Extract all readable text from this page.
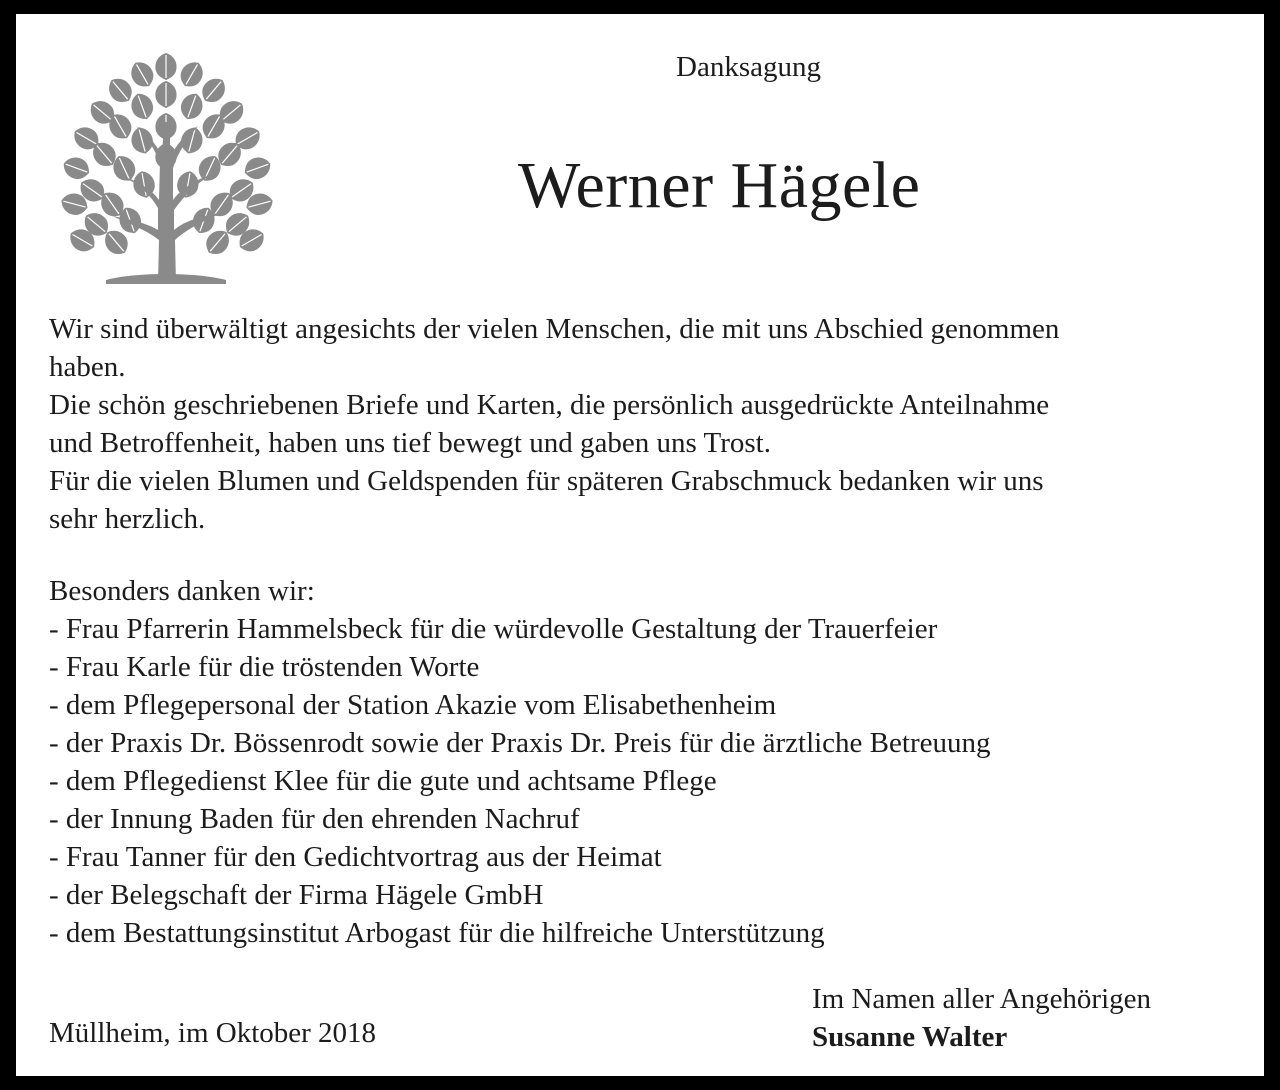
Danksagung
Werner Hägele

Wir sind überwältigt angesichts der vielen Menschen, die mit uns Abschied genommen

haben.

Die schön geschriebenen Briefe und Karten, die persönlich ausgedrückte Anteilnahme

und Betroffenheit, haben uns tief bewegt und gaben uns Trost.

Für die vielen Blumen und Geldspenden für späteren Grabschmuck bedanken wir uns

sehr herzlich.

Besonders danken wir:
- Frau Pfarrerin Hammelsbeck für die würdevolle Gestaltung der Trauerfeier
- Frau Karle für die tröstenden Worte
- dem Pflegepersonal der Station Akazie vom Elisabethenheim
- der Praxis Dr. Bössenrodt sowie der Praxis Dr. Preis für die ärztliche Betreuung
- dem Pflegedienst Klee für die gute und achtsame Pflege
- der Innung Baden für den ehrenden Nachruf
- Frau Tanner für den Gedichtvortrag aus der Heimat
- der Belegschaft der Firma Hägele GmbH
- dem Bestattungsinstitut Arbogast für die hilfreiche Unterstützung
Müllheim, im Oktober 2018
Im Namen aller Angehörigen
Susanne Walter
